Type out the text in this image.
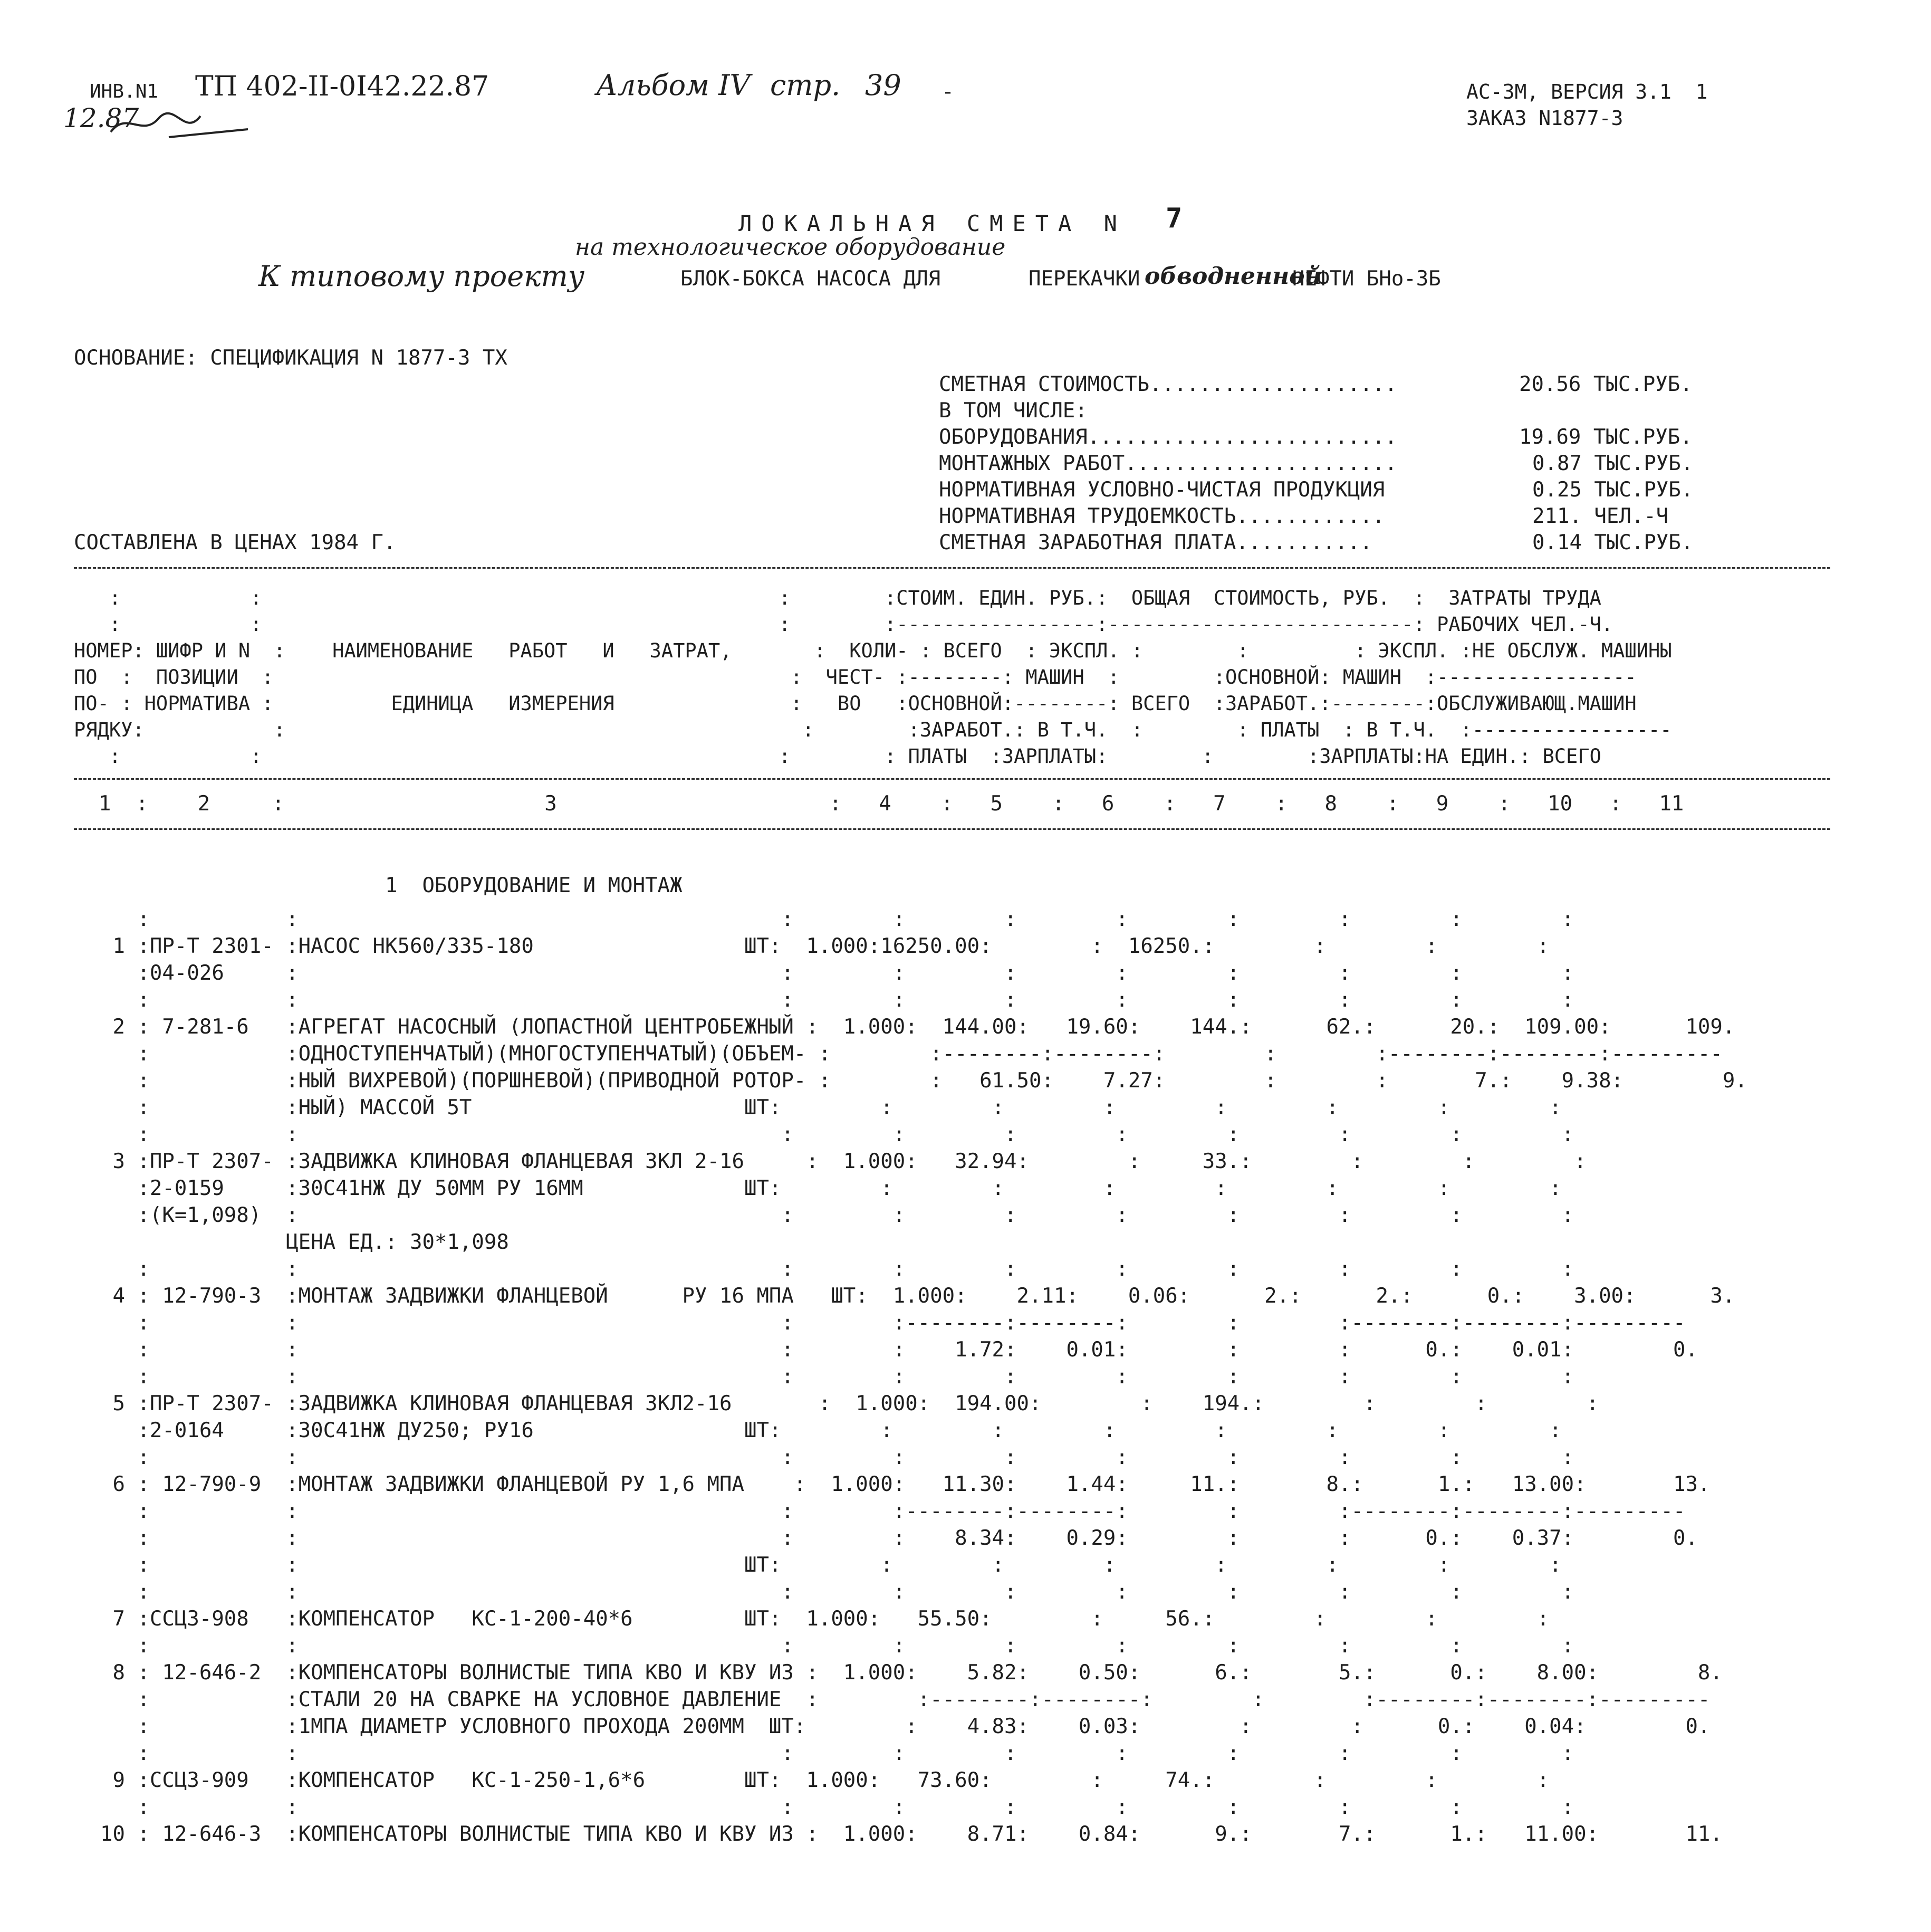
ИНВ.N1 ТП 402-II-0I42.22.87	Альбом IV стр. 39 -
12.87
АС-3М, ВЕРСИЯ 3.1  1
ЗАКАЗ N1877-3
ЛОКАЛЬНАЯ СМЕТА N 7
на технологическое оборудование
К типовому проекту	БЛОК-БОКСА НАСОСА ДЛЯ	ПЕРЕКАЧКИ обводненной
НЕФТИ БНо-3Б
ОСНОВАНИЕ: СПЕЦИФИКАЦИЯ N 1877-3 ТХ
СОСТАВЛЕНА В ЦЕНАХ 1984 Г.
СМЕТНАЯ СТОИМОСТЬ....................	20.56 ТЫС.РУБ.
В ТОМ ЧИСЛЕ:
ОБОРУДОВАНИЯ.........................	19.69 ТЫС.РУБ.
МОНТАЖНЫХ РАБОТ......................	0.87 ТЫС.РУБ.
НОРМАТИВНАЯ УСЛОВНО-ЧИСТАЯ ПРОДУКЦИЯ	0.25 ТЫС.РУБ.
НОРМАТИВНАЯ ТРУДОЕМКОСТЬ............	211. ЧЕЛ.-Ч
СМЕТНАЯ ЗАРАБОТНАЯ ПЛАТА...........	0.14 ТЫС.РУБ.
:           :                                            :        :СТОИМ. ЕДИН. РУБ.:  ОБЩАЯ  СТОИМОСТЬ, РУБ.  :  ЗАТРАТЫ ТРУДА
:           :                                            :        :-----------------:--------------------------: РАБОЧИХ ЧЕЛ.-Ч.
НОМЕР: ШИФР И N  :    НАИМЕНОВАНИЕ   РАБОТ   И   ЗАТРАТ,       :  КОЛИ- : ВСЕГО  : ЭКСПЛ. :        :         : ЭКСПЛ. :НЕ ОБСЛУЖ. МАШИНЫ
ПО  :  ПОЗИЦИИ  :                                            :  ЧЕСТ- :--------: МАШИН  :        :ОСНОВНОЙ: МАШИН  :-----------------
ПО- : НОРМАТИВА :          ЕДИНИЦА   ИЗМЕРЕНИЯ               :   ВО   :ОСНОВНОЙ:--------: ВСЕГО  :ЗАРАБОТ.:--------:ОБСЛУЖИВАЮЩ.МАШИН
РЯДКУ:           :                                            :        :ЗАРАБОТ.: В Т.Ч.  :        : ПЛАТЫ  : В Т.Ч.  :-----------------
:           :                                            :        : ПЛАТЫ  :ЗАРПЛАТЫ:        :        :ЗАРПЛАТЫ:НА ЕДИН.: ВСЕГО
1  :    2     :                     3                      :   4    :   5    :   6    :   7    :   8    :   9    :   10   :   11
1  ОБОРУДОВАНИЕ И МОНТАЖ
:           :                                       :        :        :        :        :        :        :        :
1 :ПР-Т 2301- :НАСОС НК560/335-180                 ШТ:  1.000:16250.00:        :  16250.:        :        :        :
:04-026     :                                       :        :        :        :        :        :        :        :
:           :                                       :        :        :        :        :        :        :        :
2 : 7-281-6   :АГРЕГАТ НАСОСНЫЙ (ЛОПАСТНОЙ ЦЕНТРОБЕЖНЫЙ :  1.000:  144.00:   19.60:    144.:      62.:      20.:  109.00:      109.
:           :ОДНОСТУПЕНЧАТЫЙ)(МНОГОСТУПЕНЧАТЫЙ)(ОБЪЕМ- :        :--------:--------:        :        :--------:--------:---------
:           :НЫЙ ВИХРЕВОЙ)(ПОРШНЕВОЙ)(ПРИВОДНОЙ РОТОР- :        :   61.50:    7.27:        :        :       7.:    9.38:        9.
:           :НЫЙ) МАССОЙ 5Т                      ШТ:        :        :        :        :        :        :        :
:           :                                       :        :        :        :        :        :        :        :
3 :ПР-Т 2307- :ЗАДВИЖКА КЛИНОВАЯ ФЛАНЦЕВАЯ ЗКЛ 2-16     :  1.000:   32.94:        :     33.:        :        :        :
:2-0159     :30С41НЖ ДУ 50ММ РУ 16ММ             ШТ:        :        :        :        :        :        :        :
:(К=1,098)  :                                       :        :        :        :        :        :        :        :
ЦЕНА ЕД.: 30*1,098
:           :                                       :        :        :        :        :        :        :        :
4 : 12-790-3  :МОНТАЖ ЗАДВИЖКИ ФЛАНЦЕВОЙ      РУ 16 МПА   ШТ:  1.000:    2.11:    0.06:      2.:      2.:      0.:    3.00:      3.
:           :                                       :        :--------:--------:        :        :--------:--------:---------
:           :                                       :        :    1.72:    0.01:        :        :      0.:    0.01:        0.
:           :                                       :        :        :        :        :        :        :        :
5 :ПР-Т 2307- :ЗАДВИЖКА КЛИНОВАЯ ФЛАНЦЕВАЯ ЗКЛ2-16       :  1.000:  194.00:        :    194.:        :        :        :
:2-0164     :30С41НЖ ДУ250; РУ16                 ШТ:        :        :        :        :        :        :        :
:           :                                       :        :        :        :        :        :        :        :
6 : 12-790-9  :МОНТАЖ ЗАДВИЖКИ ФЛАНЦЕВОЙ РУ 1,6 МПА    :  1.000:   11.30:    1.44:     11.:       8.:      1.:   13.00:       13.
:           :                                       :        :--------:--------:        :        :--------:--------:---------
:           :                                       :        :    8.34:    0.29:        :        :      0.:    0.37:        0.
:           :                                    ШТ:        :        :        :        :        :        :        :
:           :                                       :        :        :        :        :        :        :        :
7 :ССЦ3-908   :КОМПЕНСАТОР   КС-1-200-40*6         ШТ:  1.000:   55.50:        :     56.:        :        :        :
:           :                                       :        :        :        :        :        :        :        :
8 : 12-646-2  :КОМПЕНСАТОРЫ ВОЛНИСТЫЕ ТИПА КВО И КВУ ИЗ :  1.000:    5.82:    0.50:      6.:       5.:      0.:    8.00:        8.
:           :СТАЛИ 20 НА СВАРКЕ НА УСЛОВНОЕ ДАВЛЕНИЕ  :        :--------:--------:        :        :--------:--------:---------
:           :1МПА ДИАМЕТР УСЛОВНОГО ПРОХОДА 200ММ  ШТ:        :    4.83:    0.03:        :        :      0.:    0.04:        0.
:           :                                       :        :        :        :        :        :        :        :
9 :ССЦ3-909   :КОМПЕНСАТОР   КС-1-250-1,6*6        ШТ:  1.000:   73.60:        :     74.:        :        :        :
:           :                                       :        :        :        :        :        :        :        :
10 : 12-646-3  :КОМПЕНСАТОРЫ ВОЛНИСТЫЕ ТИПА КВО И КВУ ИЗ :  1.000:    8.71:    0.84:      9.:       7.:      1.:   11.00:       11.
